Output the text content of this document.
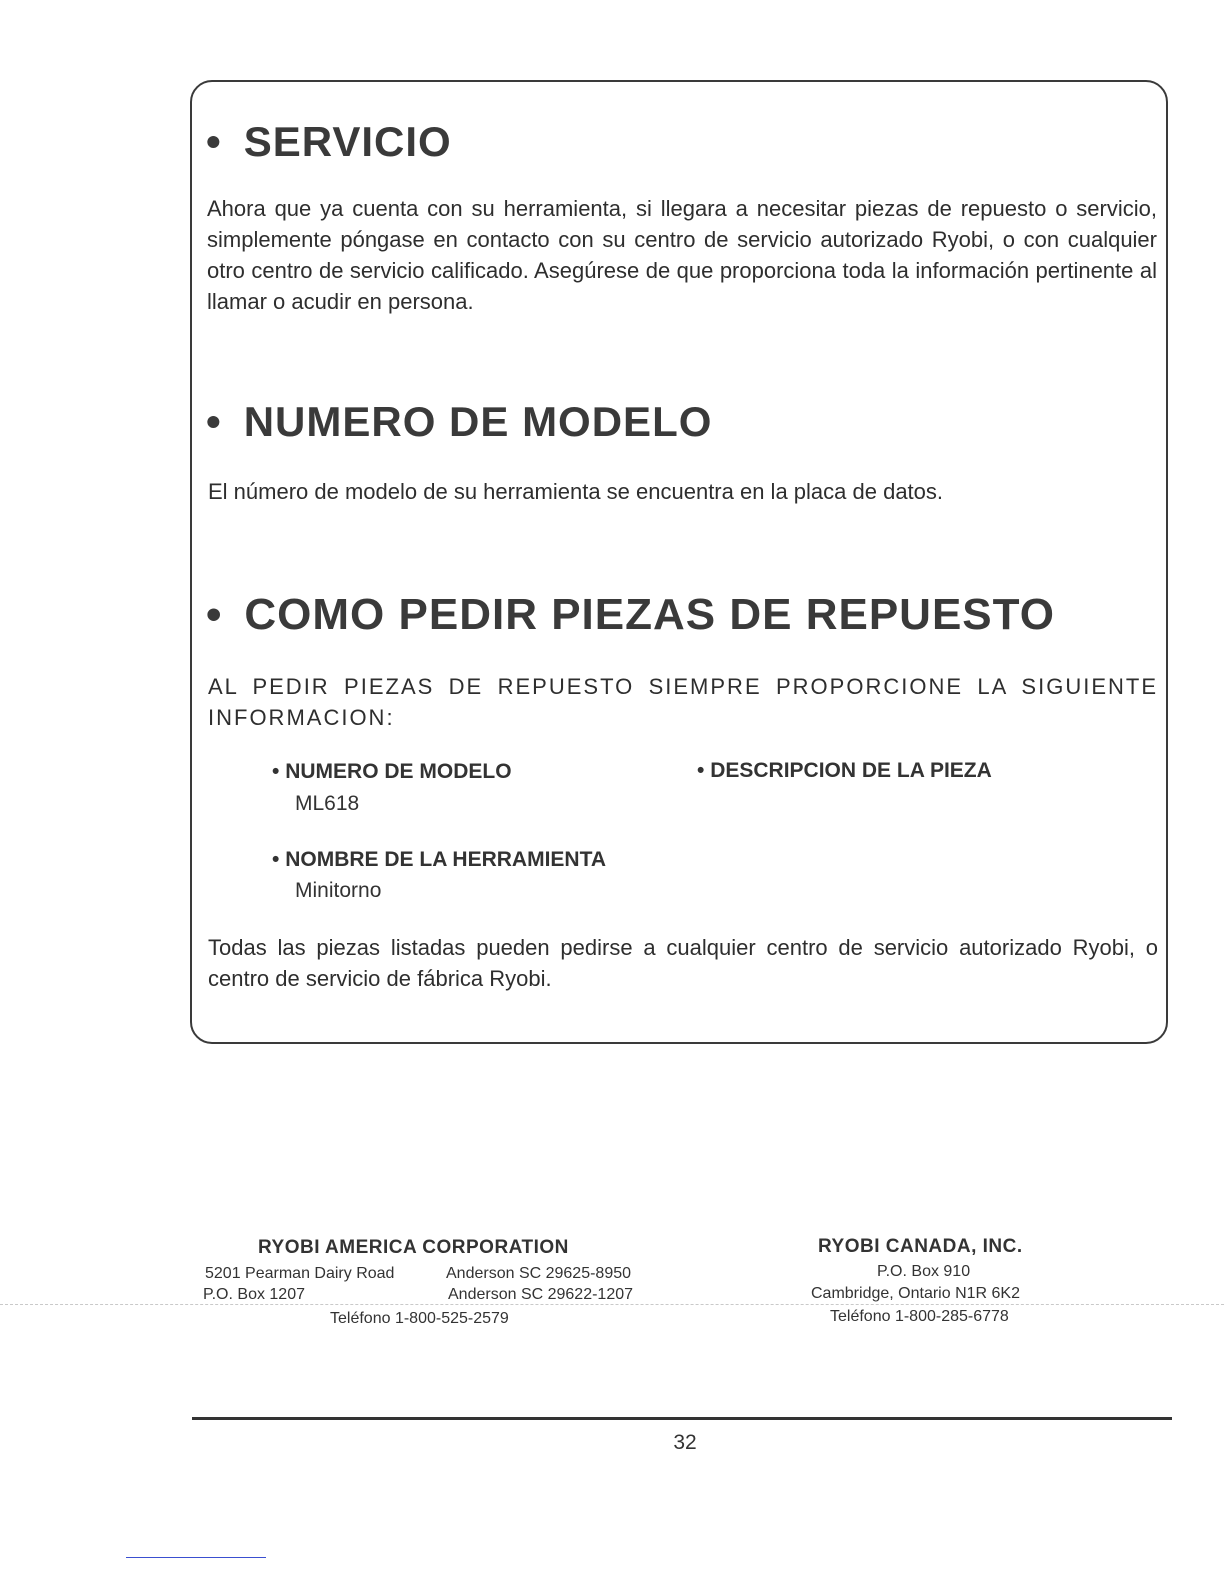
• SERVICIO

Ahora que ya cuenta con su herramienta, si llegara a necesitar piezas de repuesto o servicio, simplemente póngase en contacto con su centro de servicio autorizado Ryobi, o con cualquier otro centro de servicio calificado. Asegúrese de que proporciona toda la información pertinente al llamar o acudir en persona.

• NUMERO DE MODELO

El número de modelo de su herramienta se encuentra en la placa de datos.

• COMO PEDIR PIEZAS DE REPUESTO

AL PEDIR PIEZAS DE REPUESTO SIEMPRE PROPORCIONE LA SIGUIENTE INFORMACION:

• NUMERO DE MODELO
ML618
• DESCRIPCION DE LA PIEZA
• NOMBRE DE LA HERRAMIENTA
Minitorno

Todas las piezas listadas pueden pedirse a cualquier centro de servicio autorizado Ryobi, o centro de servicio de fábrica Ryobi.

RYOBI AMERICA CORPORATION
5201 Pearman Dairy Road	Anderson SC 29625-8950
P.O. Box 1207	Anderson SC 29622-1207
Teléfono 1-800-525-2579
RYOBI CANADA, INC.
P.O. Box 910
Cambridge, Ontario N1R 6K2
Teléfono 1-800-285-6778
32
